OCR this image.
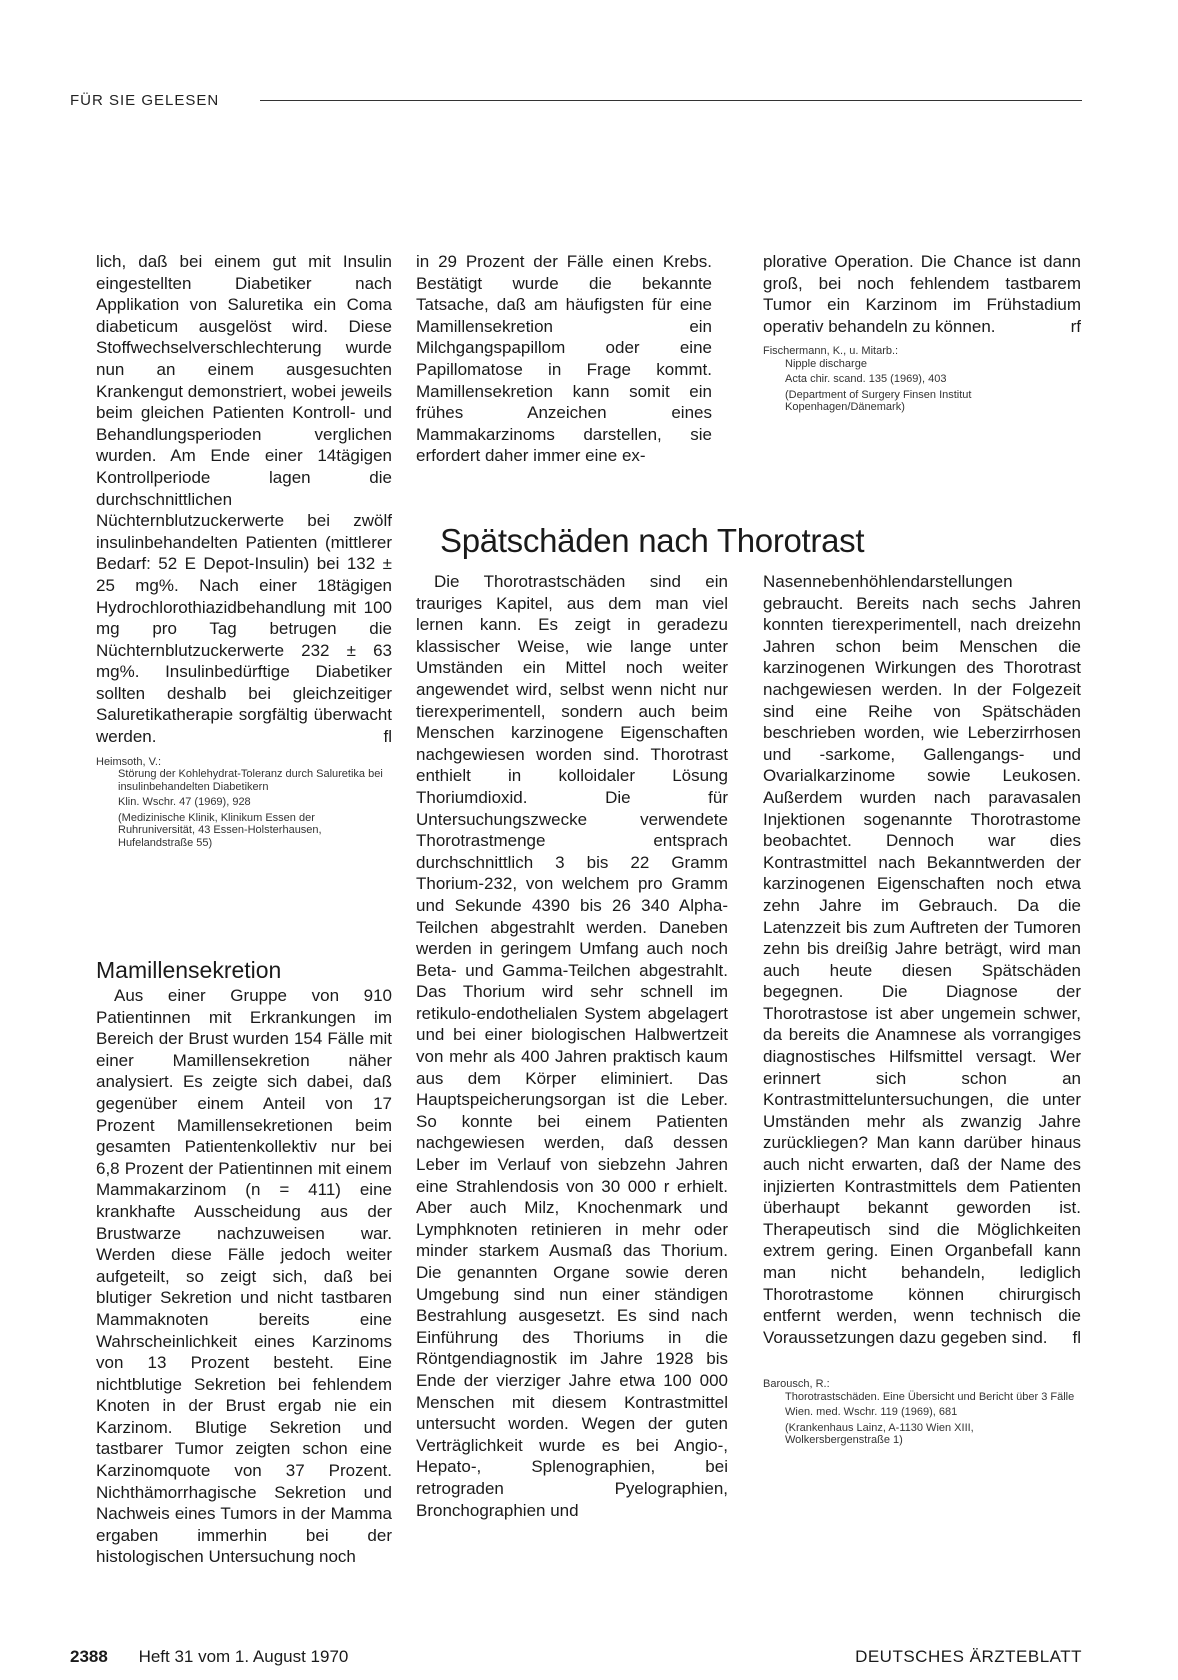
FÜR SIE GELESEN

lich, daß bei einem gut mit Insulin eingestellten Diabetiker nach Applikation von Saluretika ein Coma diabeticum ausgelöst wird. Diese Stoffwechselverschlechterung wurde nun an einem ausgesuchten Krankengut demonstriert, wobei jeweils beim gleichen Patienten Kontroll- und Behandlungsperioden verglichen wurden. Am Ende einer 14tägigen Kontrollperiode lagen die durchschnittlichen Nüchternblutzuckerwerte bei zwölf insulinbehandelten Patienten (mittlerer Bedarf: 52 E Depot-Insulin) bei 132 ± 25 mg%. Nach einer 18tägigen Hydrochlorothiazidbehandlung mit 100 mg pro Tag betrugen die Nüchternblutzuckerwerte 232 ± 63 mg%. Insulinbedürftige Diabetiker sollten deshalb bei gleichzeitiger Saluretikatherapie sorgfältig überwacht werden.	fl

Heimsoth, V.:
Störung der Kohlehydrat-Toleranz durch Saluretika bei insulinbehandelten Diabetikern
Klin. Wschr. 47 (1969), 928
(Medizinische Klinik, Klinikum Essen der Ruhruniversität, 43 Essen-Holsterhausen, Hufelandstraße 55)
Mamillensekretion

Aus einer Gruppe von 910 Patientinnen mit Erkrankungen im Bereich der Brust wurden 154 Fälle mit einer Mamillensekretion näher analysiert. Es zeigte sich dabei, daß gegenüber einem Anteil von 17 Prozent Mamillensekretionen beim gesamten Patientenkollektiv nur bei 6,8 Prozent der Patientinnen mit einem Mammakarzinom (n = 411) eine krankhafte Ausscheidung aus der Brustwarze nachzuweisen war. Werden diese Fälle jedoch weiter aufgeteilt, so zeigt sich, daß bei blutiger Sekretion und nicht tastbaren Mammaknoten bereits eine Wahrscheinlichkeit eines Karzinoms von 13 Prozent besteht. Eine nichtblutige Sekretion bei fehlendem Knoten in der Brust ergab nie ein Karzinom. Blutige Sekretion und tastbarer Tumor zeigten schon eine Karzinomquote von 37 Prozent. Nichthämorrhagische Sekretion und Nachweis eines Tumors in der Mamma ergaben immerhin bei der histologischen Untersuchung noch

in 29 Prozent der Fälle einen Krebs. Bestätigt wurde die bekannte Tatsache, daß am häufigsten für eine Mamillensekretion ein Milchgangspapillom oder eine Papillomatose in Frage kommt. Mamillensekretion kann somit ein frühes Anzeichen eines Mammakarzinoms darstellen, sie erfordert daher immer eine ex-

plorative Operation. Die Chance ist dann groß, bei noch fehlendem tastbarem Tumor ein Karzinom im Frühstadium operativ behandeln zu können.	rf

Fischermann, K., u. Mitarb.:
Nipple discharge
Acta chir. scand. 135 (1969), 403
(Department of Surgery Finsen Institut Kopenhagen/Dänemark)
Spätschäden nach Thorotrast

Die Thorotrastschäden sind ein trauriges Kapitel, aus dem man viel lernen kann. Es zeigt in geradezu klassischer Weise, wie lange unter Umständen ein Mittel noch weiter angewendet wird, selbst wenn nicht nur tierexperimentell, sondern auch beim Menschen karzinogene Eigenschaften nachgewiesen worden sind. Thorotrast enthielt in kolloidaler Lösung Thoriumdioxid. Die für Untersuchungszwecke verwendete Thorotrastmenge entsprach durchschnittlich 3 bis 22 Gramm Thorium-232, von welchem pro Gramm und Sekunde 4390 bis 26 340 Alpha-Teilchen abgestrahlt werden. Daneben werden in geringem Umfang auch noch Beta- und Gamma-Teilchen abgestrahlt. Das Thorium wird sehr schnell im retikulo-endothelialen System abgelagert und bei einer biologischen Halbwertzeit von mehr als 400 Jahren praktisch kaum aus dem Körper eliminiert. Das Hauptspeicherungsorgan ist die Leber. So konnte bei einem Patienten nachgewiesen werden, daß dessen Leber im Verlauf von siebzehn Jahren eine Strahlendosis von 30 000 r erhielt. Aber auch Milz, Knochenmark und Lymphknoten retinieren in mehr oder minder starkem Ausmaß das Thorium. Die genannten Organe sowie deren Umgebung sind nun einer ständigen Bestrahlung ausgesetzt. Es sind nach Einführung des Thoriums in die Röntgendiagnostik im Jahre 1928 bis Ende der vierziger Jahre etwa 100 000 Menschen mit diesem Kontrastmittel untersucht worden. Wegen der guten Verträglichkeit wurde es bei Angio-, Hepato-, Splenographien, bei retrograden Pyelographien, Bronchographien und

Nasennebenhöhlendarstellungen gebraucht. Bereits nach sechs Jahren konnten tierexperimentell, nach dreizehn Jahren schon beim Menschen die karzinogenen Wirkungen des Thorotrast nachgewiesen werden. In der Folgezeit sind eine Reihe von Spätschäden beschrieben worden, wie Leberzirrhosen und -sarkome, Gallengangs- und Ovarialkarzinome sowie Leukosen. Außerdem wurden nach paravasalen Injektionen sogenannte Thorotrastome beobachtet. Dennoch war dies Kontrastmittel nach Bekanntwerden der karzinogenen Eigenschaften noch etwa zehn Jahre im Gebrauch. Da die Latenzzeit bis zum Auftreten der Tumoren zehn bis dreißig Jahre beträgt, wird man auch heute diesen Spätschäden begegnen. Die Diagnose der Thorotrastose ist aber ungemein schwer, da bereits die Anamnese als vorrangiges diagnostisches Hilfsmittel versagt. Wer erinnert sich schon an Kontrastmitteluntersuchungen, die unter Umständen mehr als zwanzig Jahre zurückliegen? Man kann darüber hinaus auch nicht erwarten, daß der Name des injizierten Kontrastmittels dem Patienten überhaupt bekannt geworden ist. Therapeutisch sind die Möglichkeiten extrem gering. Einen Organbefall kann man nicht behandeln, lediglich Thorotrastome können chirurgisch entfernt werden, wenn technisch die Voraussetzungen dazu gegeben sind. fl

Barousch, R.:
Thorotrastschäden. Eine Übersicht und Bericht über 3 Fälle
Wien. med. Wschr. 119 (1969), 681
(Krankenhaus Lainz, A-1130 Wien XIII, Wolkersbergenstraße 1)
2388 Heft 31 vom 1. August 1970	DEUTSCHES ÄRZTEBLATT
